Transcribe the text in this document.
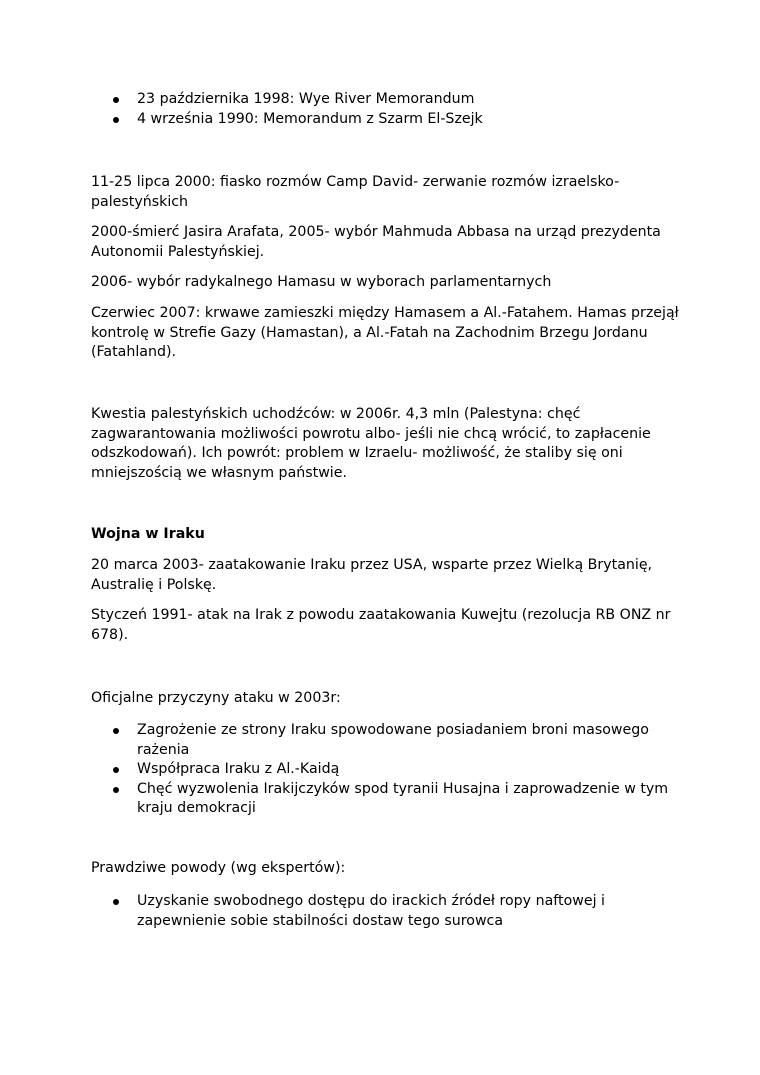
23 października 1998: Wye River Memorandum
4 września 1990: Memorandum z Szarm El-Szejk

11-25 lipca 2000: fiasko rozmów Camp David- zerwanie rozmów izraelsko-palestyńskich

2000-śmierć Jasira Arafata, 2005- wybór Mahmuda Abbasa na urząd prezydenta Autonomii Palestyńskiej.

2006- wybór radykalnego Hamasu w wyborach parlamentarnych

Czerwiec 2007: krwawe zamieszki między Hamasem a Al.-Fatahem. Hamas przejął kontrolę w Strefie Gazy (Hamastan), a Al.-Fatah na Zachodnim Brzegu Jordanu (Fatahland).

Kwestia palestyńskich uchodźców: w 2006r. 4,3 mln (Palestyna: chęć zagwarantowania możliwości powrotu albo- jeśli nie chcą wrócić, to zapłacenie odszkodowań). Ich powrót: problem w Izraelu- możliwość, że staliby się oni mniejszością we własnym państwie.

Wojna w Iraku

20 marca 2003- zaatakowanie Iraku przez USA, wsparte przez Wielką Brytanię, Australię i Polskę.

Styczeń 1991- atak na Irak z powodu zaatakowania Kuwejtu (rezolucja RB ONZ nr 678).

Oficjalne przyczyny ataku w 2003r:

Zagrożenie ze strony Iraku spowodowane posiadaniem broni masowego rażenia
Współpraca Iraku z Al.-Kaidą
Chęć wyzwolenia Irakijczyków spod tyranii Husajna i zaprowadzenie w tym kraju demokracji

Prawdziwe powody (wg ekspertów):

Uzyskanie swobodnego dostępu do irackich źródeł ropy naftowej i zapewnienie sobie stabilności dostaw tego surowca
